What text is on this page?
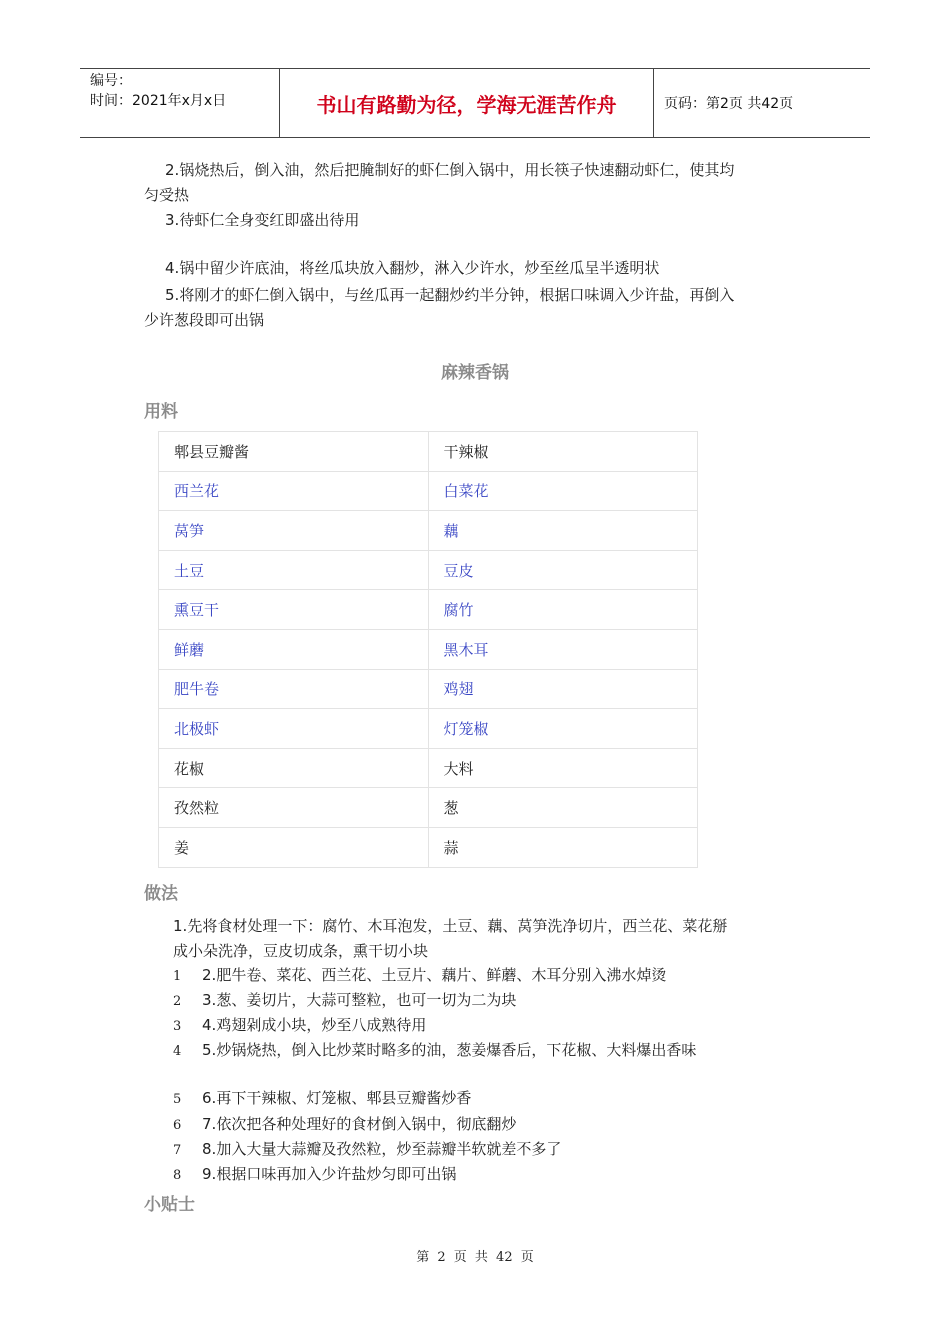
编号：
时间：2021年x月x日	书山有路勤为径，学海无涯苦作舟	页码：第2页 共42页
2.锅烧热后，倒入油，然后把腌制好的虾仁倒入锅中，用长筷子快速翻动虾仁，使其均
匀受热
3.待虾仁全身变红即盛出待用
4.锅中留少许底油，将丝瓜块放入翻炒，淋入少许水，炒至丝瓜呈半透明状
5.将刚才的虾仁倒入锅中，与丝瓜再一起翻炒约半分钟，根据口味调入少许盐，再倒入
少许葱段即可出锅
麻辣香锅
用料
郫县豆瓣酱	干辣椒
西兰花	白菜花
莴笋	藕
土豆	豆皮
熏豆干	腐竹
鲜蘑	黑木耳
肥牛卷	鸡翅
北极虾	灯笼椒
花椒	大料
孜然粒	葱
姜	蒜
做法
1.先将食材处理一下：腐竹、木耳泡发，土豆、藕、莴笋洗净切片，西兰花、菜花掰
成小朵洗净，豆皮切成条，熏干切小块
1 2.肥牛卷、菜花、西兰花、土豆片、藕片、鲜蘑、木耳分别入沸水焯烫
2 3.葱、姜切片，大蒜可整粒，也可一切为二为块
3 4.鸡翅剁成小块，炒至八成熟待用
4 5.炒锅烧热，倒入比炒菜时略多的油，葱姜爆香后，下花椒、大料爆出香味
5 6.再下干辣椒、灯笼椒、郫县豆瓣酱炒香
6 7.依次把各种处理好的食材倒入锅中，彻底翻炒
7 8.加入大量大蒜瓣及孜然粒，炒至蒜瓣半软就差不多了
8 9.根据口味再加入少许盐炒匀即可出锅
小贴士
第 2 页 共 42 页
